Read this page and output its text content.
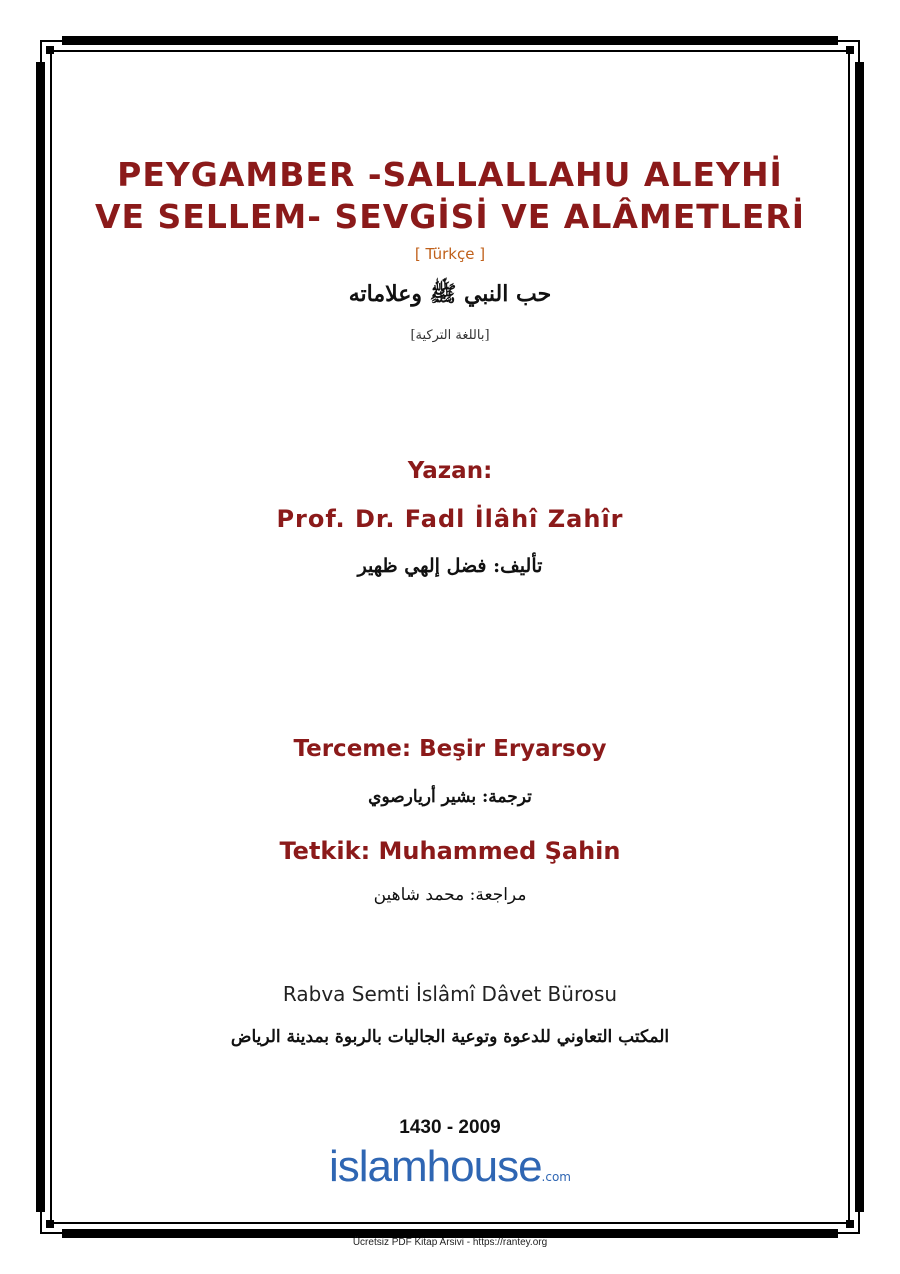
PEYGAMBER -SALLALLAHU ALEYHİ
VE SELLEM- SEVGİSİ VE ALÂMETLERİ
[ Türkçe ]
حب النبي ﷺ وعلاماته
[باللغة التركية]
Yazan:
Prof. Dr. Fadl İlâhî Zahîr
تأليف: فضل إلهي ظهير
Terceme: Beşir Eryarsoy
ترجمة: بشير أريارصوي
Tetkik: Muhammed Şahin
مراجعة: محمد شاهين
Rabva Semti İslâmî Dâvet Bürosu
المكتب التعاوني للدعوة وتوعية الجاليات بالربوة بمدينة الرياض
1430 - 2009
islamhouse.com
Ücretsiz PDF Kitap Arsivi - https://rantey.org
